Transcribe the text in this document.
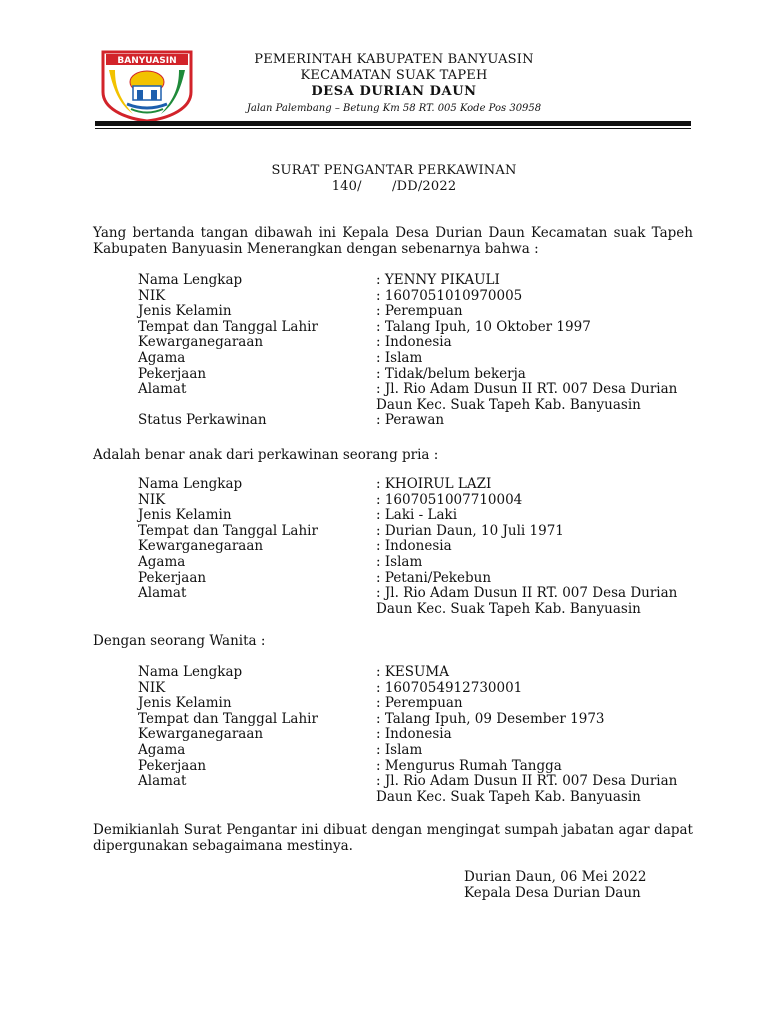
BANYUASIN	PEMERINTAH KABUPATEN BANYUASIN
KECAMATAN SUAK TAPEH
DESA DURIAN DAUN
Jalan Palembang – Betung Km 58 RT. 005 Kode Pos 30958
SURAT PENGANTAR PERKAWINAN
140/       /DD/2022
Yang bertanda tangan dibawah ini Kepala Desa Durian Daun Kecamatan suak Tapeh Kabupaten Banyuasin Menerangkan dengan sebenarnya bahwa :
Nama Lengkap	: YENNY PIKAULI
NIK	: 1607051010970005
Jenis Kelamin	: Perempuan
Tempat dan Tanggal Lahir	: Talang Ipuh, 10 Oktober 1997
Kewarganegaraan	: Indonesia
Agama	: Islam
Pekerjaan	: Tidak/belum bekerja
Alamat	: Jl. Rio Adam Dusun II RT. 007 Desa Durian
Daun Kec. Suak Tapeh Kab. Banyuasin
Status Perkawinan	: Perawan
Adalah benar anak dari perkawinan seorang pria :
Nama Lengkap	: KHOIRUL LAZI
NIK	: 1607051007710004
Jenis Kelamin	: Laki - Laki
Tempat dan Tanggal Lahir	: Durian Daun, 10 Juli 1971
Kewarganegaraan	: Indonesia
Agama	: Islam
Pekerjaan	: Petani/Pekebun
Alamat	: Jl. Rio Adam Dusun II RT. 007 Desa Durian
Daun Kec. Suak Tapeh Kab. Banyuasin
Dengan seorang Wanita :
Nama Lengkap	: KESUMA
NIK	: 1607054912730001
Jenis Kelamin	: Perempuan
Tempat dan Tanggal Lahir	: Talang Ipuh, 09 Desember 1973
Kewarganegaraan	: Indonesia
Agama	: Islam
Pekerjaan	: Mengurus Rumah Tangga
Alamat	: Jl. Rio Adam Dusun II RT. 007 Desa Durian
Daun Kec. Suak Tapeh Kab. Banyuasin
Demikianlah Surat Pengantar ini dibuat dengan mengingat sumpah jabatan agar dapat dipergunakan sebagaimana mestinya.
Durian Daun, 06 Mei 2022
Kepala Desa Durian Daun
